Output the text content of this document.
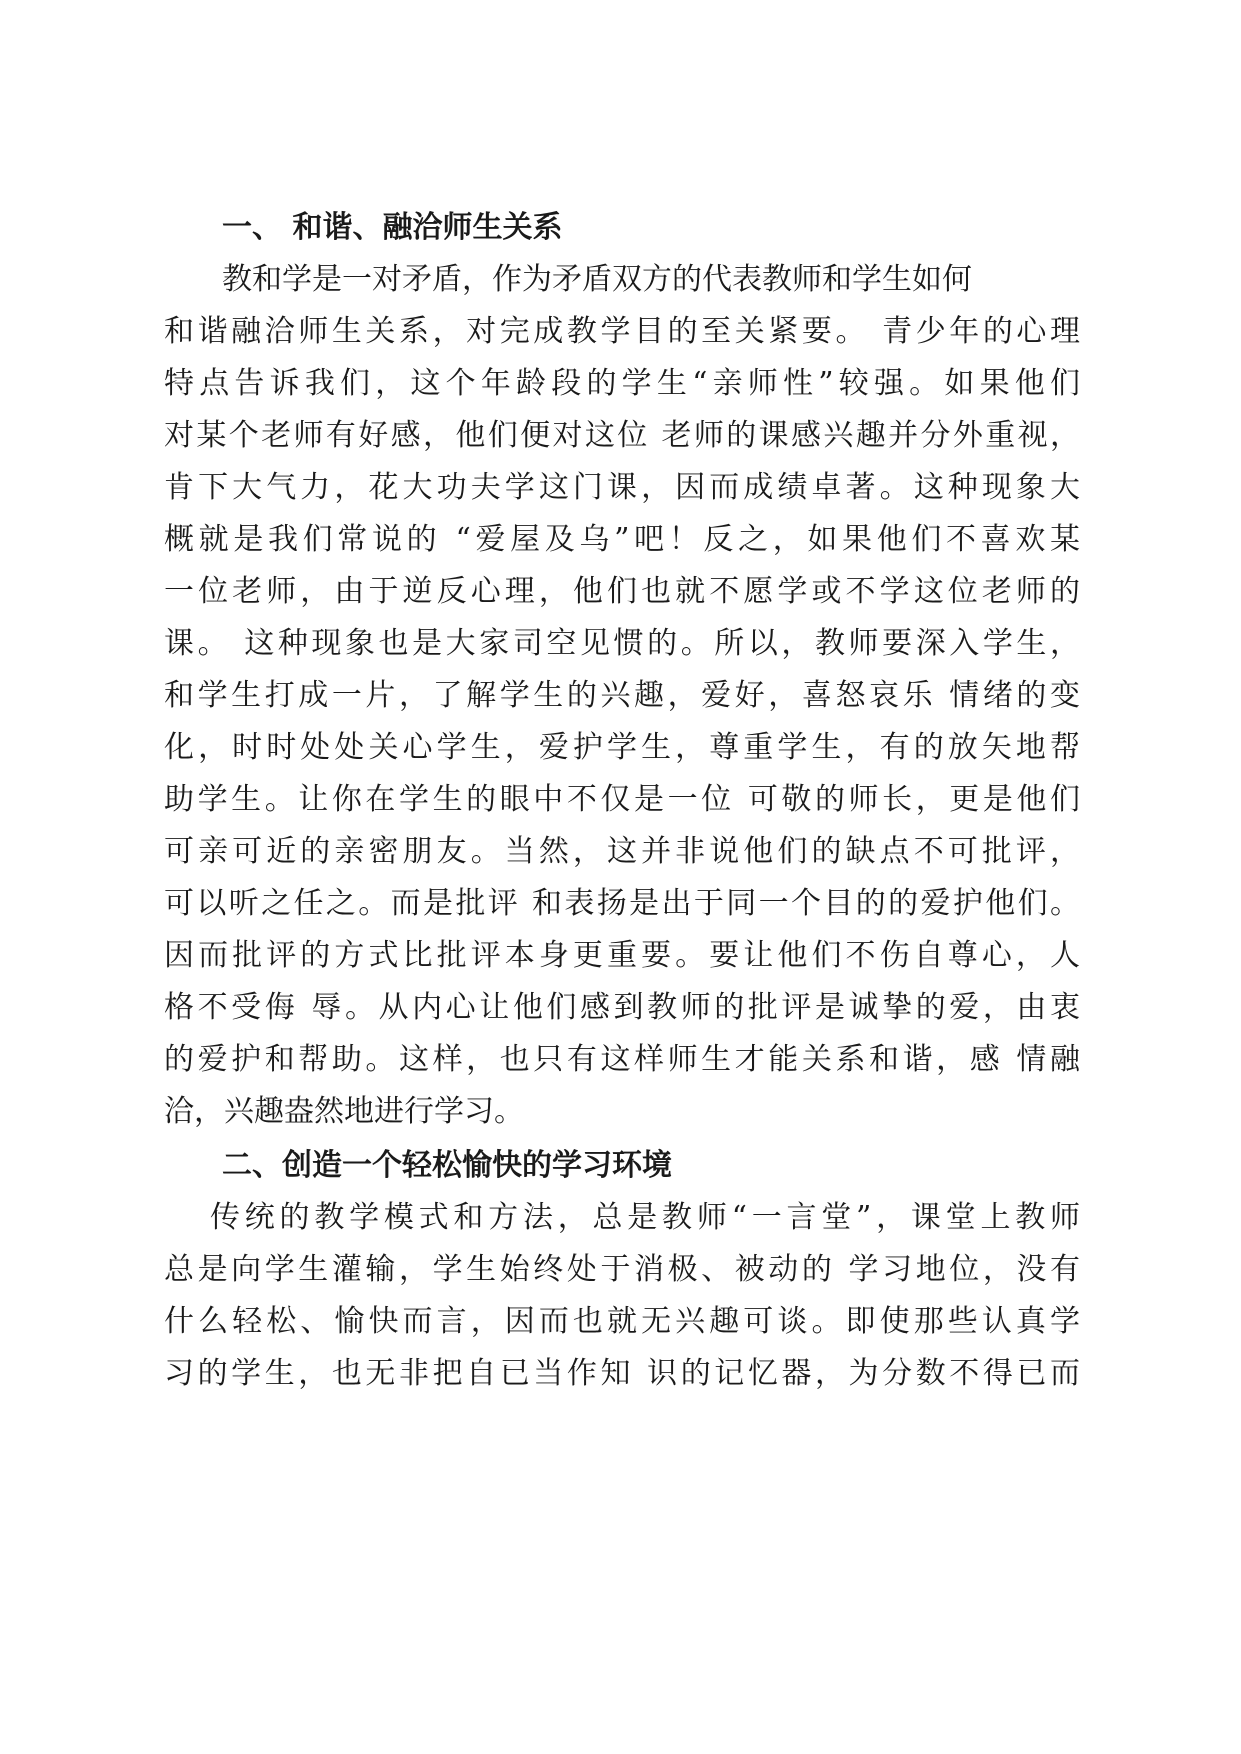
一、 和谐、融洽师生关系

教和学是一对矛盾，作为矛盾双方的代表教师和学生如何

和谐融洽师生关系，对完成教学目的至关紧要。 青少年的心理

特点告诉我们，这个年龄段的学生“亲师性”较强。如果他们

对某个老师有好感，他们便对这位 老师的课感兴趣并分外重视，

肯下大气力，花大功夫学这门课，因而成绩卓著。这种现象大

概就是我们常说的 “爱屋及乌”吧！反之，如果他们不喜欢某

一位老师，由于逆反心理，他们也就不愿学或不学这位老师的

课。 这种现象也是大家司空见惯的。所以，教师要深入学生，

和学生打成一片，了解学生的兴趣，爱好，喜怒哀乐 情绪的变

化，时时处处关心学生，爱护学生，尊重学生，有的放矢地帮

助学生。让你在学生的眼中不仅是一位 可敬的师长，更是他们

可亲可近的亲密朋友。当然，这并非说他们的缺点不可批评，

可以听之任之。而是批评 和表扬是出于同一个目的的爱护他们。

因而批评的方式比批评本身更重要。要让他们不伤自尊心，人

格不受侮 辱。从内心让他们感到教师的批评是诚挚的爱，由衷

的爱护和帮助。这样，也只有这样师生才能关系和谐，感 情融

洽，兴趣盎然地进行学习。

二、创造一个轻松愉快的学习环境

传统的教学模式和方法，总是教师“一言堂”，课堂上教师

总是向学生灌输，学生始终处于消极、被动的 学习地位，没有

什么轻松、愉快而言，因而也就无兴趣可谈。即使那些认真学

习的学生，也无非把自已当作知 识的记忆器，为分数不得已而
